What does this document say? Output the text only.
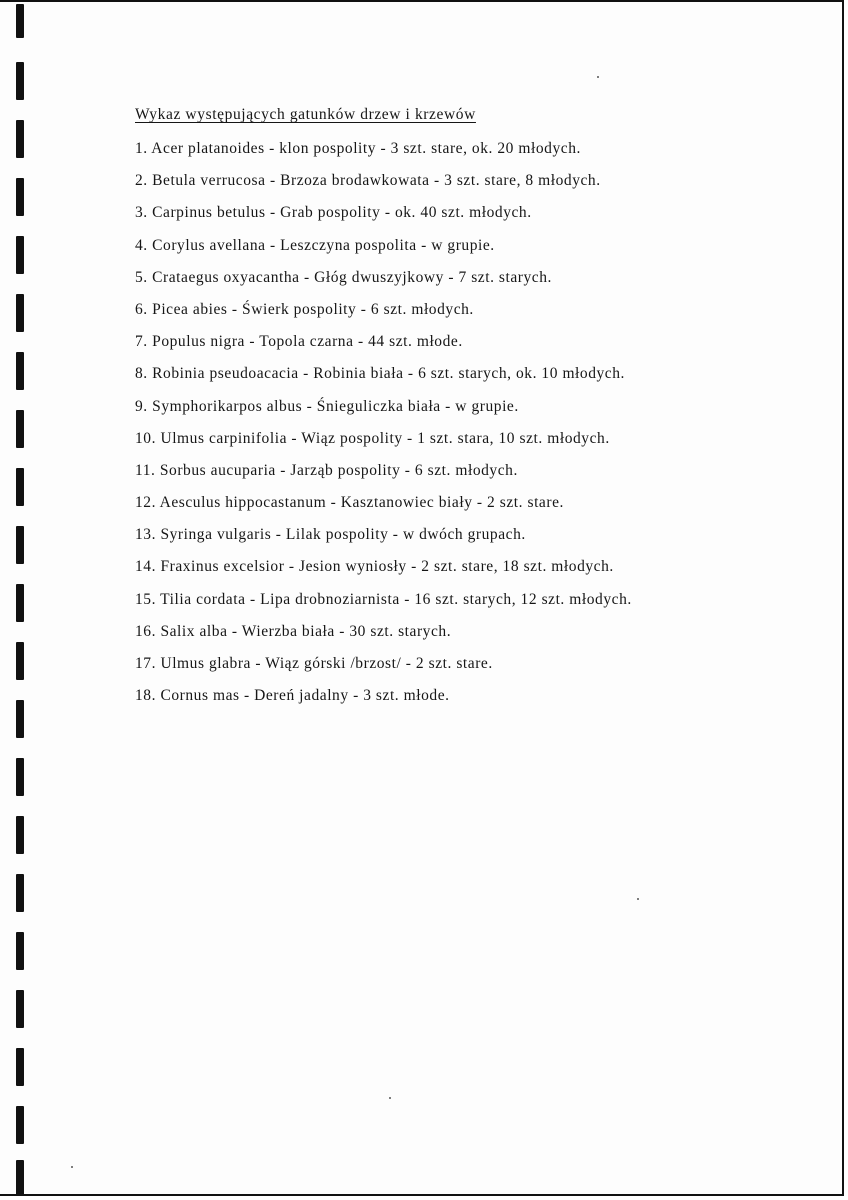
Wykaz występujących gatunków drzew i krzewów
1. Acer platanoides - klon pospolity - 3 szt. stare, ok. 20 młodych.
2. Betula verrucosa - Brzoza brodawkowata - 3 szt. stare, 8 młodych.
3. Carpinus betulus - Grab pospolity - ok. 40 szt. młodych.
4. Corylus avellana - Leszczyna pospolita - w grupie.
5. Crataegus oxyacantha - Głóg dwuszyjkowy - 7 szt. starych.
6. Picea abies - Świerk pospolity - 6 szt. młodych.
7. Populus nigra - Topola czarna - 44 szt. młode.
8. Robinia pseudoacacia - Robinia biała - 6 szt. starych, ok. 10 młodych.
9. Symphorikarpos albus - Śnieguliczka biała - w grupie.
10. Ulmus carpinifolia - Wiąz pospolity - 1 szt. stara, 10 szt. młodych.
11. Sorbus aucuparia - Jarząb pospolity - 6 szt. młodych.
12. Aesculus hippocastanum - Kasztanowiec biały - 2 szt. stare.
13. Syringa vulgaris - Lilak pospolity - w dwóch grupach.
14. Fraxinus excelsior - Jesion wyniosły - 2 szt. stare, 18 szt. młodych.
15. Tilia cordata - Lipa drobnoziarnista - 16 szt. starych, 12 szt. młodych.
16. Salix alba - Wierzba biała - 30 szt. starych.
17. Ulmus glabra - Wiąz górski /brzost/ - 2 szt. stare.
18. Cornus mas - Dereń jadalny - 3 szt. młode.
